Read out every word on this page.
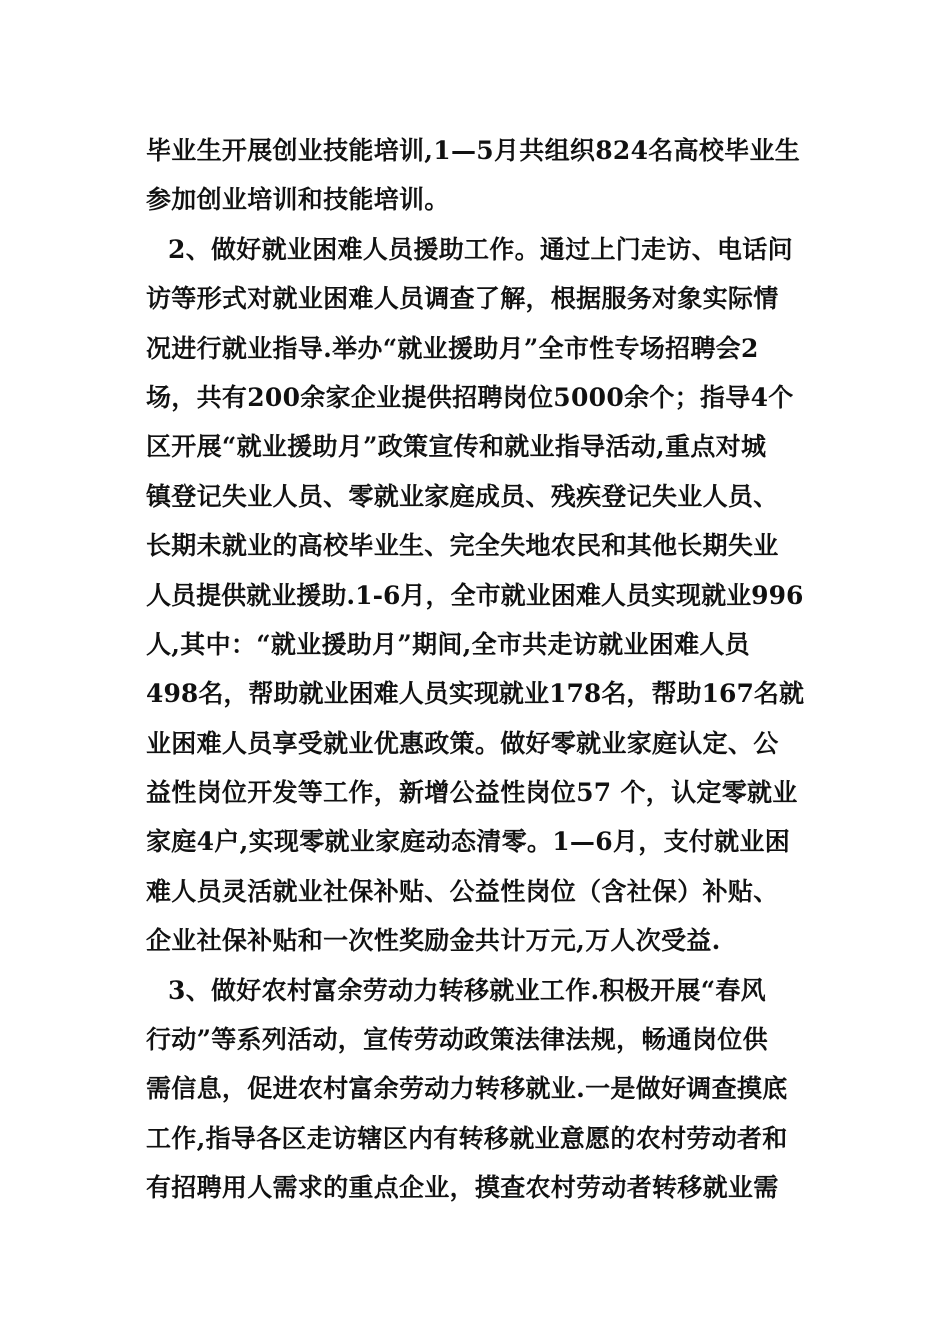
毕业生开展创业技能培训,1—5月共组织824名高校毕业生

参加创业培训和技能培训。

2、做好就业困难人员援助工作。通过上门走访、电话问

访等形式对就业困难人员调查了解，根据服务对象实际情

况进行就业指导.举办“就业援助月”全市性专场招聘会2

场，共有200余家企业提供招聘岗位5000余个；指导4个

区开展“就业援助月”政策宣传和就业指导活动,重点对城

镇登记失业人员、零就业家庭成员、残疾登记失业人员、

长期未就业的高校毕业生、完全失地农民和其他长期失业

人员提供就业援助.1-6月，全市就业困难人员实现就业996

人,其中：“就业援助月”期间,全市共走访就业困难人员

498名，帮助就业困难人员实现就业178名，帮助167名就

业困难人员享受就业优惠政策。做好零就业家庭认定、公

益性岗位开发等工作，新增公益性岗位57 个，认定零就业

家庭4户,实现零就业家庭动态清零。1—6月，支付就业困

难人员灵活就业社保补贴、公益性岗位（含社保）补贴、

企业社保补贴和一次性奖励金共计万元,万人次受益.

3、做好农村富余劳动力转移就业工作.积极开展“春风

行动”等系列活动，宣传劳动政策法律法规，畅通岗位供

需信息，促进农村富余劳动力转移就业.一是做好调查摸底

工作,指导各区走访辖区内有转移就业意愿的农村劳动者和

有招聘用人需求的重点企业，摸查农村劳动者转移就业需
